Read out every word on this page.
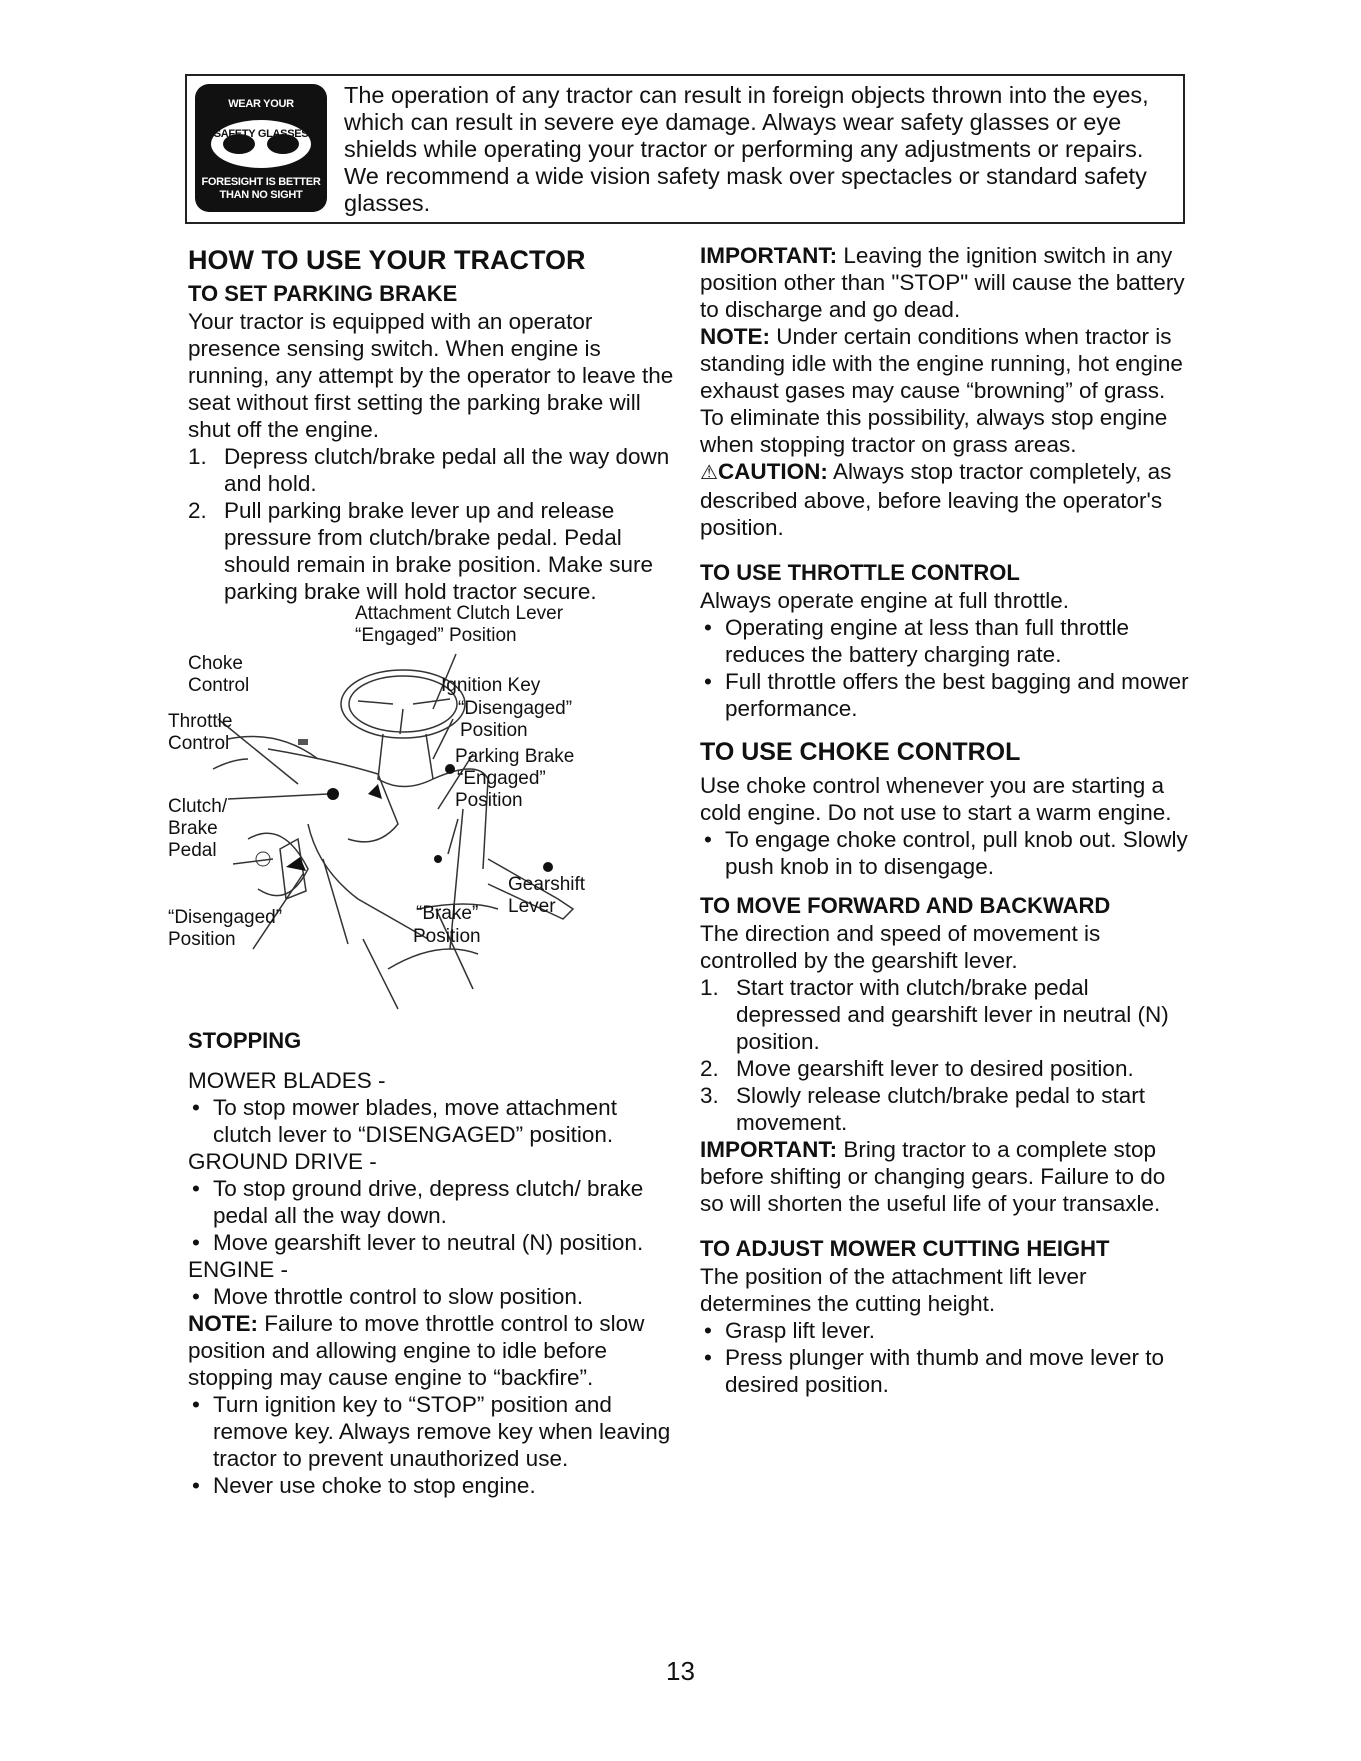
WEAR YOUR
SAFETY GLASSES
FORESIGHT IS BETTER
THAN NO SIGHT
The operation of any tractor can result in foreign objects thrown into the eyes, which can result in severe eye damage. Always wear safety glasses or eye shields while operating your tractor or performing any adjustments or repairs. We recommend a wide vision safety mask over spectacles or standard safety glasses.
HOW TO USE YOUR TRACTOR
TO SET PARKING BRAKE

Your tractor is equipped with an operator presence sensing switch. When engine is running, any attempt by the operator to leave the seat without first setting the parking brake will shut off the engine.

1. Depress clutch/brake pedal all the way down and hold.
2. Pull parking brake lever up and release pressure from clutch/brake pedal. Pedal should remain in brake position. Make sure parking brake will hold tractor secure.
Attachment Clutch Lever
“Engaged” Position
Choke
Control	Ignition Key
“Disengaged”
Position
Throttle
Control
Parking Brake
“Engaged”
Position
Clutch/
Brake
Pedal
Gearshift
Lever
“Disengaged”
Position
“Brake”
Position
STOPPING

MOWER BLADES -

• To stop mower blades, move attachment clutch lever to “DISENGAGED” position.

GROUND DRIVE -

• To stop ground drive, depress clutch/ brake pedal all the way down.
• Move gearshift lever to neutral (N) position.

ENGINE -

• Move throttle control to slow position.

NOTE: Failure to move throttle control to slow position and allowing engine to idle before stopping may cause engine to “backfire”.

• Turn ignition key to “STOP” position and remove key. Always remove key when leaving tractor to prevent unauthorized use.
• Never use choke to stop engine.

IMPORTANT: Leaving the ignition switch in any position other than "STOP" will cause the battery to discharge and go dead.

NOTE: Under certain conditions when tractor is standing idle with the engine running, hot engine exhaust gases may cause “browning” of grass. To eliminate this possibility, always stop engine when stopping tractor on grass areas.

⚠CAUTION: Always stop tractor completely, as described above, before leaving the operator's position.

TO USE THROTTLE CONTROL

Always operate engine at full throttle.

• Operating engine at less than full throttle reduces the battery charging rate.
• Full throttle offers the best bagging and mower performance.
TO USE CHOKE CONTROL

Use choke control whenever you are starting a cold engine. Do not use to start a warm engine.

• To engage choke control, pull knob out. Slowly push knob in to disengage.
TO MOVE FORWARD AND BACKWARD

The direction and speed of movement is controlled by the gearshift lever.

1. Start tractor with clutch/brake pedal depressed and gearshift lever in neutral (N) position.
2. Move gearshift lever to desired position.
3. Slowly release clutch/brake pedal to start movement.

IMPORTANT: Bring tractor to a complete stop before shifting or changing gears. Failure to do so will shorten the useful life of your transaxle.

TO ADJUST MOWER CUTTING HEIGHT

The position of the attachment lift lever determines the cutting height.

• Grasp lift lever.
• Press plunger with thumb and move lever to desired position.
13
